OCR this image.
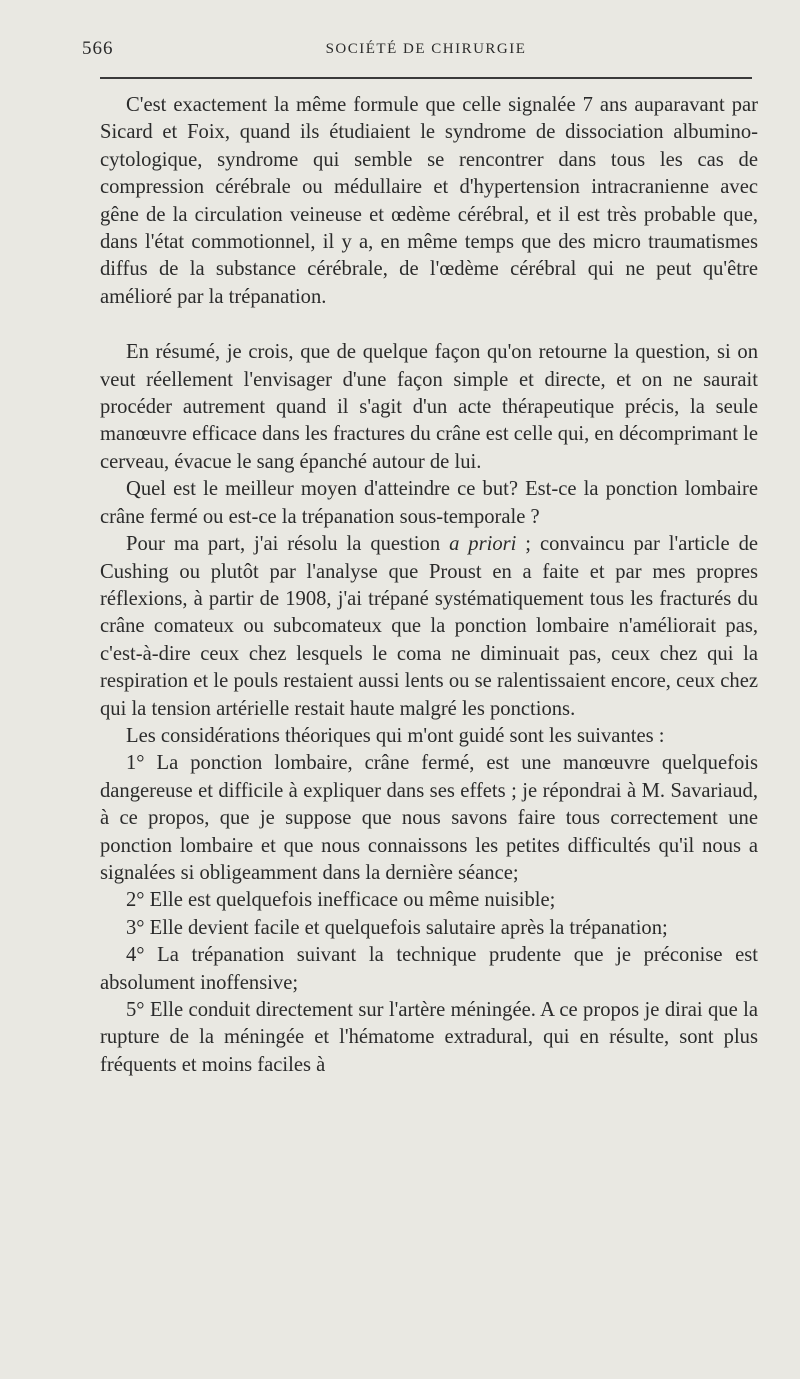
566	SOCIÉTÉ DE CHIRURGIE

C'est exactement la même formule que celle signalée 7 ans auparavant par Sicard et Foix, quand ils étudiaient le syndrome de dissociation albumino-cytologique, syndrome qui semble se rencontrer dans tous les cas de compression cérébrale ou médullaire et d'hypertension intracranienne avec gêne de la circulation veineuse et œdème cérébral, et il est très probable que, dans l'état commotionnel, il y a, en même temps que des micro traumatismes diffus de la substance cérébrale, de l'œdème cérébral qui ne peut qu'être amélioré par la trépanation.

En résumé, je crois, que de quelque façon qu'on retourne la question, si on veut réellement l'envisager d'une façon simple et directe, et on ne saurait procéder autrement quand il s'agit d'un acte thérapeutique précis, la seule manœuvre efficace dans les fractures du crâne est celle qui, en décomprimant le cerveau, évacue le sang épanché autour de lui.

Quel est le meilleur moyen d'atteindre ce but? Est-ce la ponction lombaire crâne fermé ou est-ce la trépanation sous-temporale ?

Pour ma part, j'ai résolu la question a priori ; convaincu par l'article de Cushing ou plutôt par l'analyse que Proust en a faite et par mes propres réflexions, à partir de 1908, j'ai trépané systématiquement tous les fracturés du crâne comateux ou subcomateux que la ponction lombaire n'améliorait pas, c'est-à-dire ceux chez lesquels le coma ne diminuait pas, ceux chez qui la respiration et le pouls restaient aussi lents ou se ralentissaient encore, ceux chez qui la tension artérielle restait haute malgré les ponctions.

Les considérations théoriques qui m'ont guidé sont les suivantes :

1° La ponction lombaire, crâne fermé, est une manœuvre quelquefois dangereuse et difficile à expliquer dans ses effets ; je répondrai à M. Savariaud, à ce propos, que je suppose que nous savons faire tous correctement une ponction lombaire et que nous connaissons les petites difficultés qu'il nous a signalées si obligeamment dans la dernière séance;

2° Elle est quelquefois inefficace ou même nuisible;

3° Elle devient facile et quelquefois salutaire après la trépanation;

4° La trépanation suivant la technique prudente que je préconise est absolument inoffensive;

5° Elle conduit directement sur l'artère méningée. A ce propos je dirai que la rupture de la méningée et l'hématome extradural, qui en résulte, sont plus fréquents et moins faciles à
